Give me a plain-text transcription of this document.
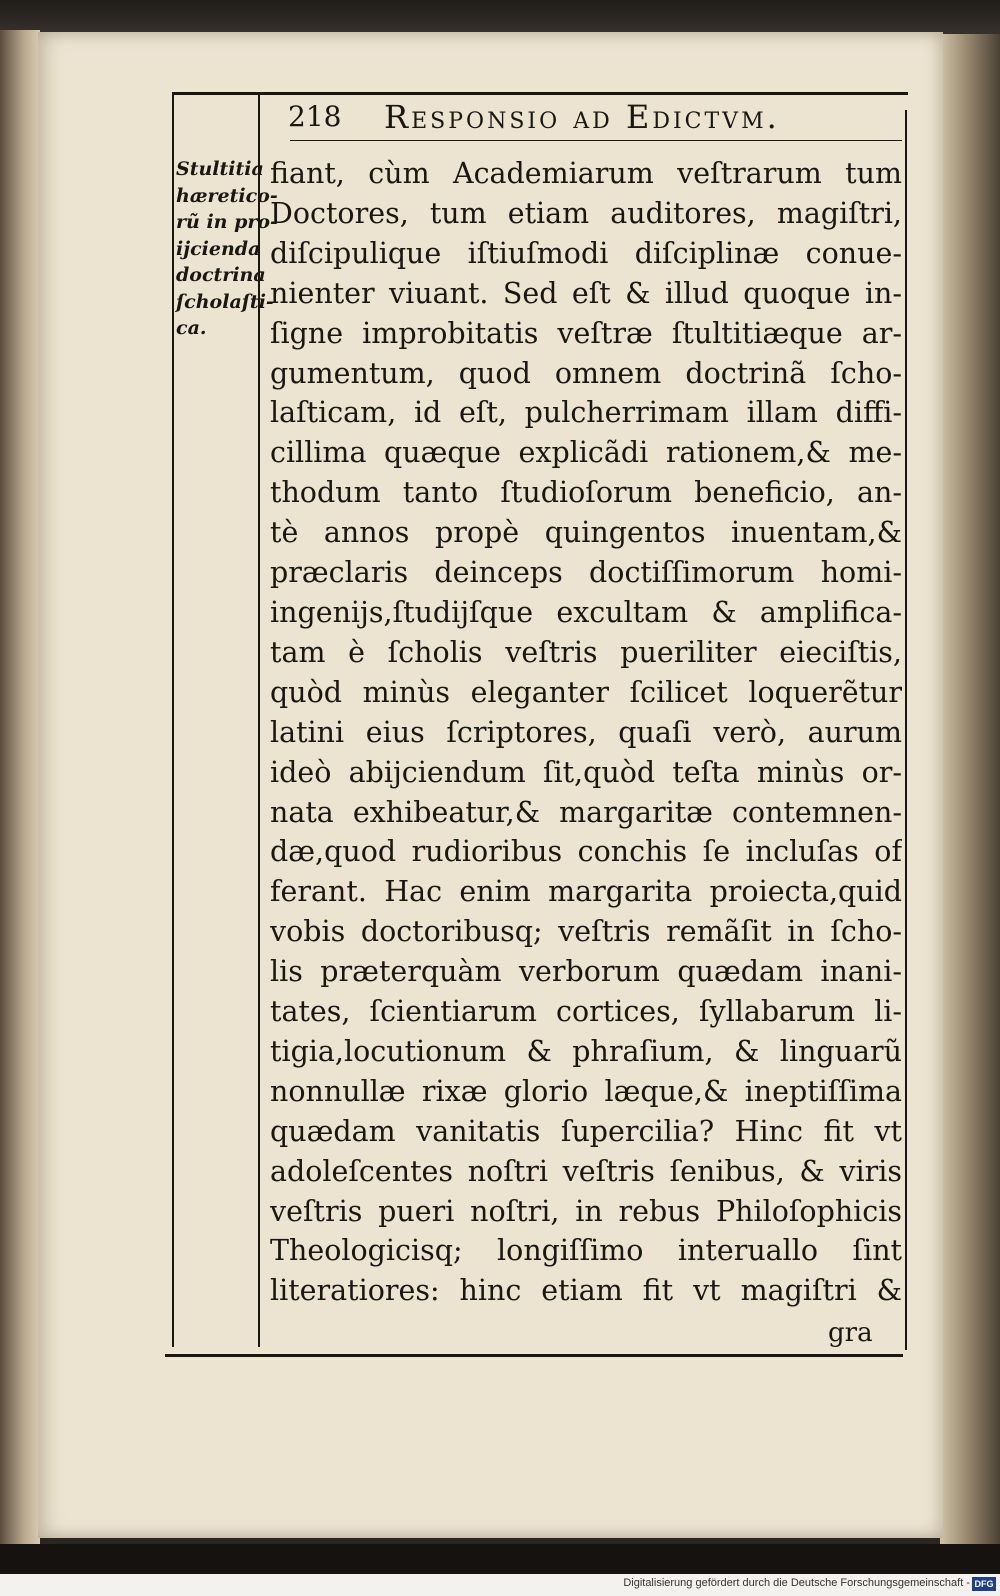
218 Responsio ad Edictvm.
Stultitia
hæretico-
rũ in pro-
ijcienda
doctrina
ſcholaſti-
ca.
fiant, cùm Academiarum veſtrarum tum
Doctores, tum etiam auditores, magiſtri,
diſcipulique iſtiuſmodi diſciplinæ conue-
nienter viuant. Sed eſt & illud quoque in-
ſigne improbitatis veſtræ ſtultitiæque ar-
gumentum, quod omnem doctrinã ſcho-
laſticam, id eſt, pulcherrimam illam diffi-
cillima quæque explicãdi rationem,& me-
thodum tanto ſtudioſorum beneficio, an-
tè annos propè quingentos inuentam,&
præclaris deinceps doctiſſimorum homi-
ingenijs,ſtudijſque excultam & amplifica-
tam è ſcholis veſtris pueriliter eieciſtis,
quòd minùs eleganter ſcilicet loquerẽtur
latini eius ſcriptores, quaſi verò, aurum
ideò abijciendum ſit,quòd teſta minùs or-
nata exhibeatur,& margaritæ contemnen-
dæ,quod rudioribus conchis ſe incluſas of
ferant. Hac enim margarita proiecta,quid
vobis doctoribusq; veſtris remãſit in ſcho-
lis præterquàm verborum quædam inani-
tates, ſcientiarum cortices, ſyllabarum li-
tigia,locutionum & phraſium, & linguarũ
nonnullæ rixæ glorio læque,& ineptiſſima
quædam vanitatis ſupercilia? Hinc fit vt
adoleſcentes noſtri veſtris ſenibus, & viris
veſtris pueri noſtri, in rebus Philoſophicis
Theologicisq; longiſſimo interuallo ſint
literatiores: hinc etiam fit vt magiſtri &
gra
Digitalisierung gefördert durch die Deutsche Forschungsgemeinschaft - DFG
